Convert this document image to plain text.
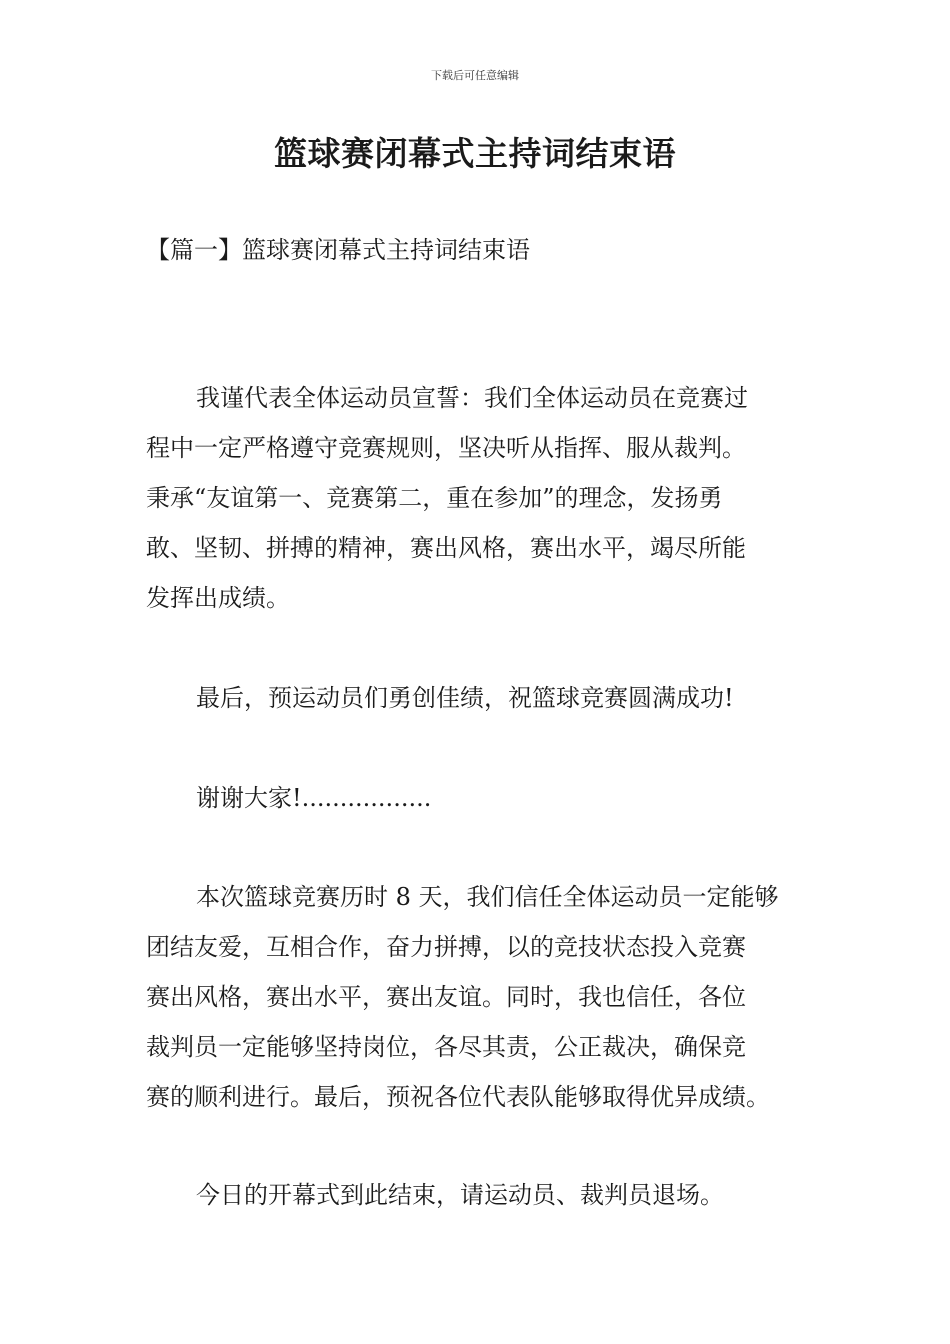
下载后可任意编辑
篮球赛闭幕式主持词结束语
【篇一】篮球赛闭幕式主持词结束语
我谨代表全体运动员宣誓：我们全体运动员在竞赛过
程中一定严格遵守竞赛规则，坚决听从指挥、服从裁判。
秉承“友谊第一、竞赛第二，重在参加”的理念，发扬勇
敢、坚韧、拼搏的精神，赛出风格，赛出水平，竭尽所能
发挥出成绩。
最后，预运动员们勇创佳绩，祝篮球竞赛圆满成功!
谢谢大家!.................
本次篮球竞赛历时 8 天，我们信任全体运动员一定能够
团结友爱，互相合作，奋力拼搏，以的竞技状态投入竞赛
赛出风格，赛出水平，赛出友谊。同时，我也信任，各位
裁判员一定能够坚持岗位，各尽其责，公正裁决，确保竞
赛的顺利进行。最后，预祝各位代表队能够取得优异成绩。
今日的开幕式到此结束，请运动员、裁判员退场。
